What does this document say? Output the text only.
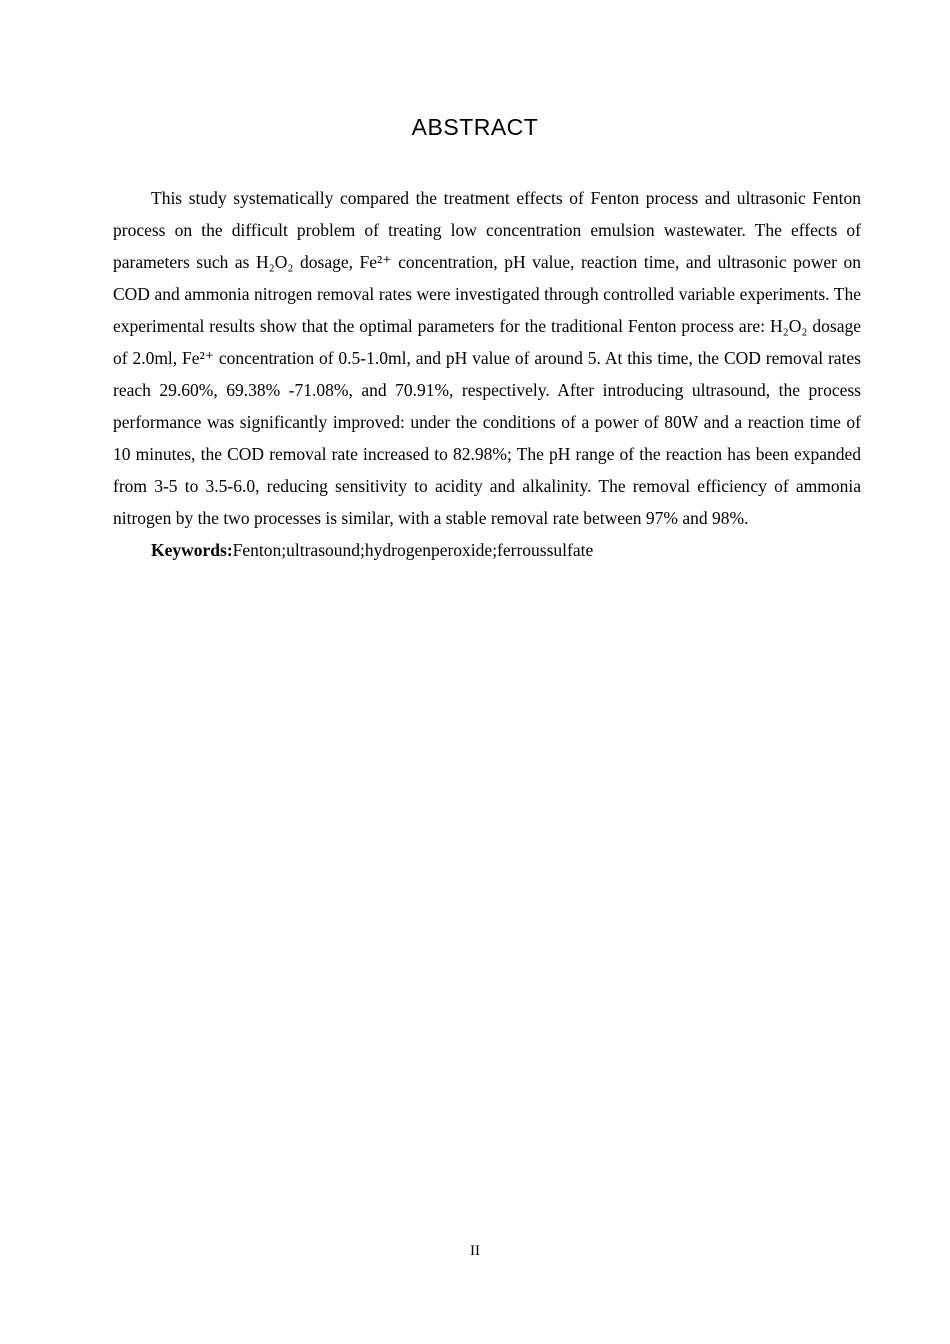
ABSTRACT

This study systematically compared the treatment effects of Fenton process and ultrasonic Fenton process on the difficult problem of treating low concentration emulsion wastewater. The effects of parameters such as H₂O₂ dosage, Fe²⁺ concentration, pH value, reaction time, and ultrasonic power on COD and ammonia nitrogen removal rates were investigated through controlled variable experiments. The experimental results show that the optimal parameters for the traditional Fenton process are: H₂O₂ dosage of 2.0ml, Fe²⁺ concentration of 0.5-1.0ml, and pH value of around 5. At this time, the COD removal rates reach 29.60%, 69.38% -71.08%, and 70.91%, respectively. After introducing ultrasound, the process performance was significantly improved: under the conditions of a power of 80W and a reaction time of 10 minutes, the COD removal rate increased to 82.98%; The pH range of the reaction has been expanded from 3-5 to 3.5-6.0, reducing sensitivity to acidity and alkalinity. The removal efficiency of ammonia nitrogen by the two processes is similar, with a stable removal rate between 97% and 98%.

Keywords:Fenton;ultrasound;hydrogenperoxide;ferroussulfate

II
